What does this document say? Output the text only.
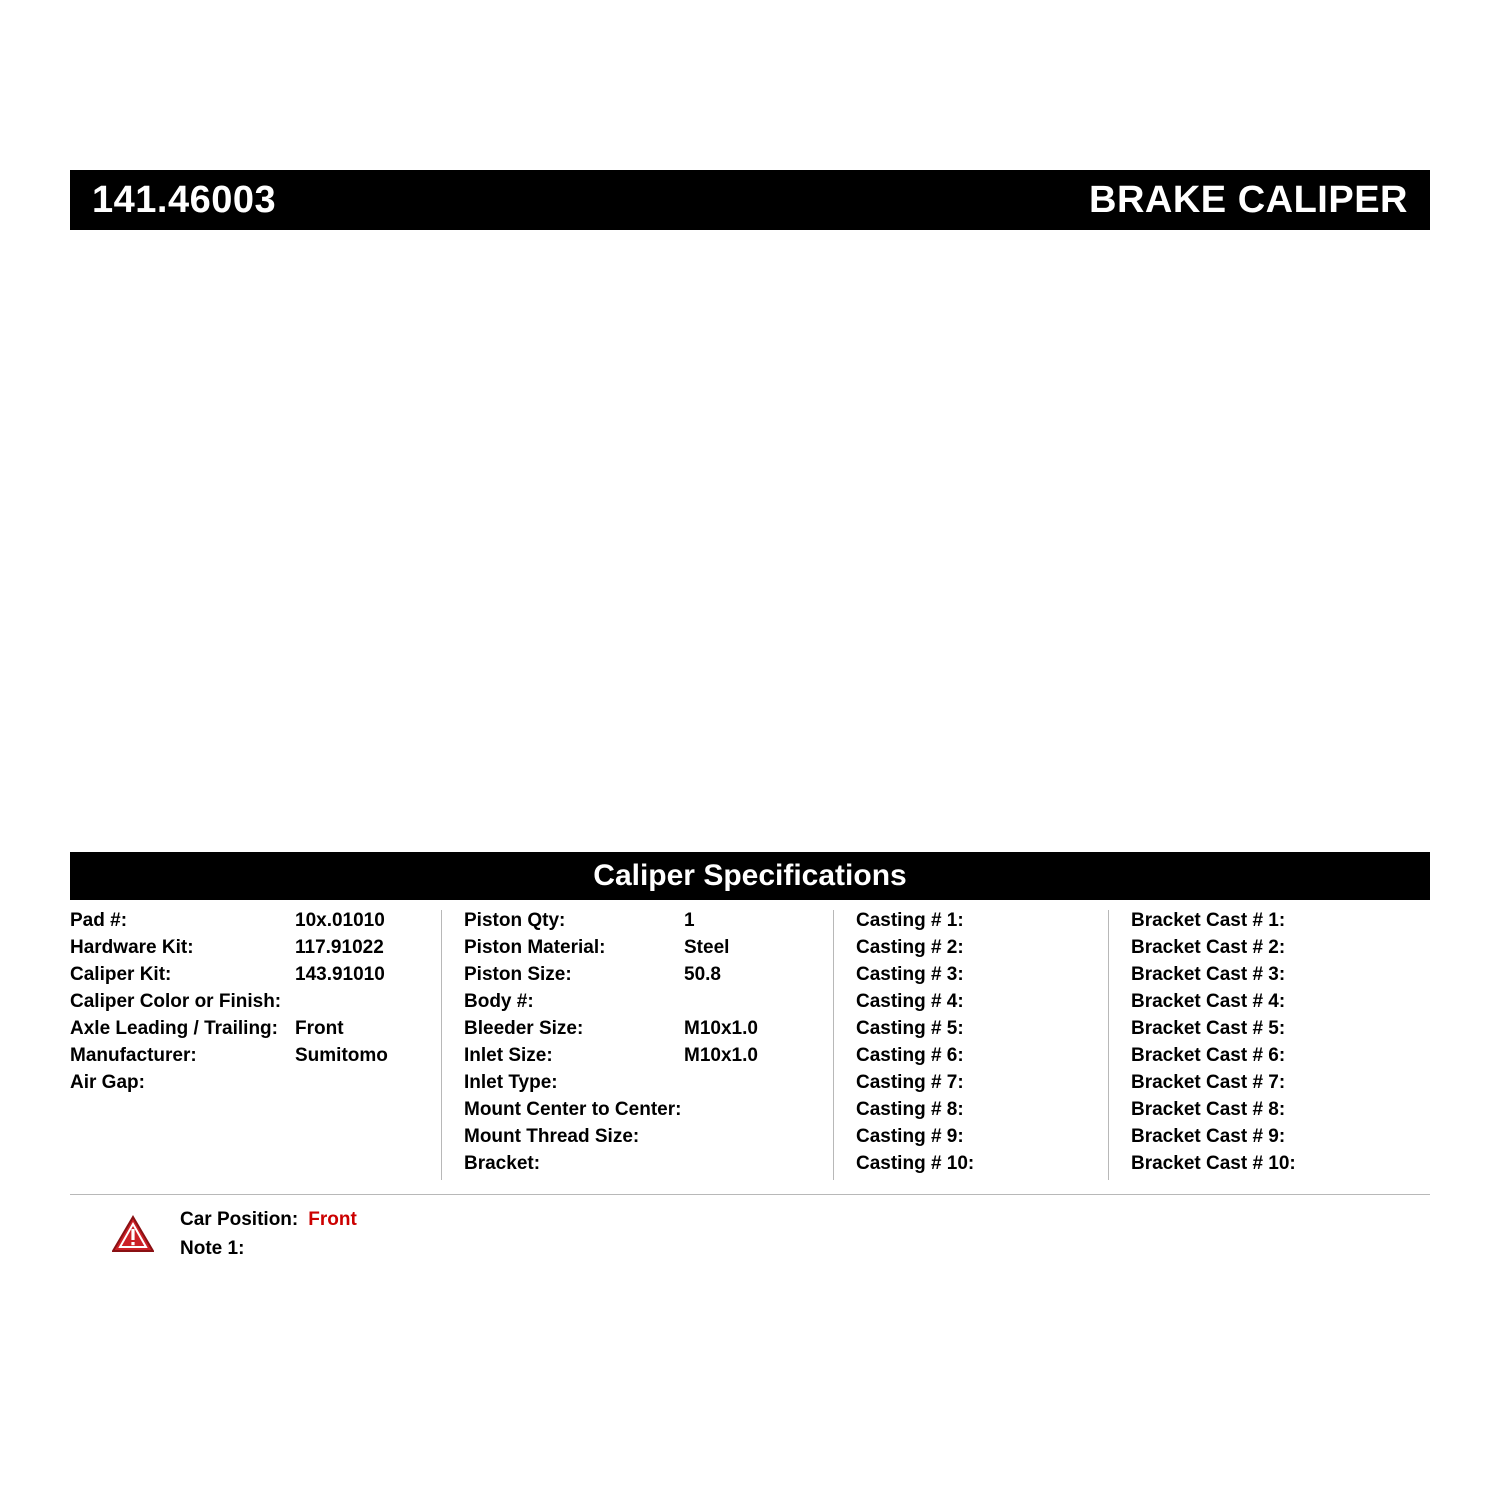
141.46003	BRAKE CALIPER
Caliper Specifications
Pad #:	10x.01010
Hardware Kit:	117.91022
Caliper Kit:	143.91010
Caliper Color or Finish:
Axle Leading / Trailing: Front
Manufacturer:	Sumitomo
Air Gap:
Piston Qty:	1
Piston Material:	Steel
Piston Size:	50.8
Body #:
Bleeder Size:	M10x1.0
Inlet Size:	M10x1.0
Inlet Type:
Mount Center to Center:
Mount Thread Size:
Bracket:
Casting # 1:
Casting # 2:
Casting # 3:
Casting # 4:
Casting # 5:
Casting # 6:
Casting # 7:
Casting # 8:
Casting # 9:
Casting # 10:
Bracket Cast # 1:
Bracket Cast # 2:
Bracket Cast # 3:
Bracket Cast # 4:
Bracket Cast # 5:
Bracket Cast # 6:
Bracket Cast # 7:
Bracket Cast # 8:
Bracket Cast # 9:
Bracket Cast # 10:
Car Position: Front
Note 1:
